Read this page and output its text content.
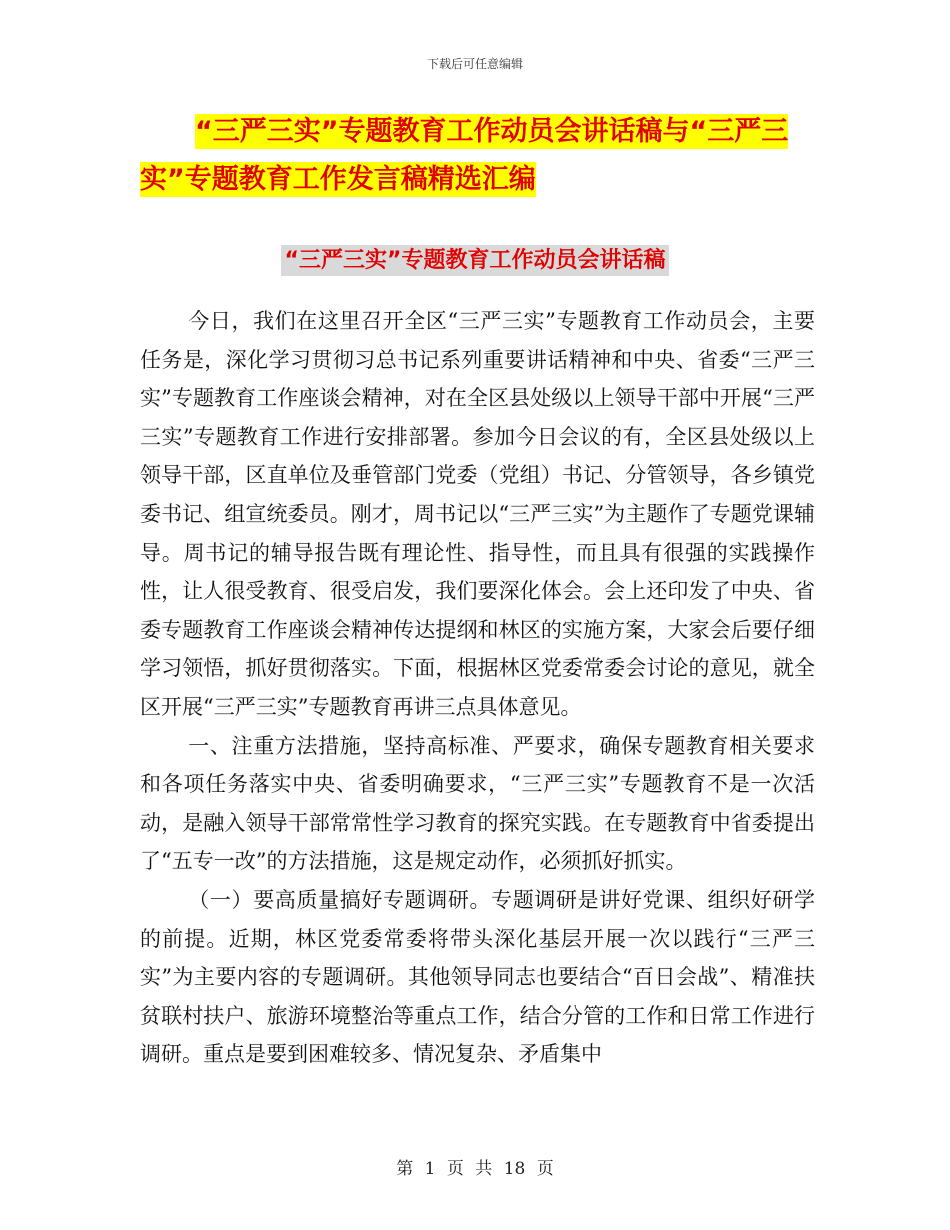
下载后可任意编辑
“三严三实”专题教育工作动员会讲话稿与“三严三
实”专题教育工作发言稿精选汇编
“三严三实”专题教育工作动员会讲话稿

今日，我们在这里召开全区“三严三实”专题教育工作动员会，主要任务是，深化学习贯彻习总书记系列重要讲话精神和中央、省委“三严三实”专题教育工作座谈会精神，对在全区县处级以上领导干部中开展“三严三实”专题教育工作进行安排部署。参加今日会议的有，全区县处级以上领导干部，区直单位及垂管部门党委（党组）书记、分管领导，各乡镇党委书记、组宣统委员。刚才，周书记以“三严三实”为主题作了专题党课辅导。周书记的辅导报告既有理论性、指导性，而且具有很强的实践操作性，让人很受教育、很受启发，我们要深化体会。会上还印发了中央、省委专题教育工作座谈会精神传达提纲和林区的实施方案，大家会后要仔细学习领悟，抓好贯彻落实。下面，根据林区党委常委会讨论的意见，就全区开展“三严三实”专题教育再讲三点具体意见。

一、注重方法措施，坚持高标准、严要求，确保专题教育相关要求和各项任务落实中央、省委明确要求，“三严三实”专题教育不是一次活动，是融入领导干部常常性学习教育的探究实践。在专题教育中省委提出了“五专一改”的方法措施，这是规定动作，必须抓好抓实。

（一）要高质量搞好专题调研。专题调研是讲好党课、组织好研学的前提。近期，林区党委常委将带头深化基层开展一次以践行“三严三实”为主要内容的专题调研。其他领导同志也要结合“百日会战”、精准扶贫联村扶户、旅游环境整治等重点工作，结合分管的工作和日常工作进行调研。重点是要到困难较多、情况复杂、矛盾集中

第 1 页 共 18 页
